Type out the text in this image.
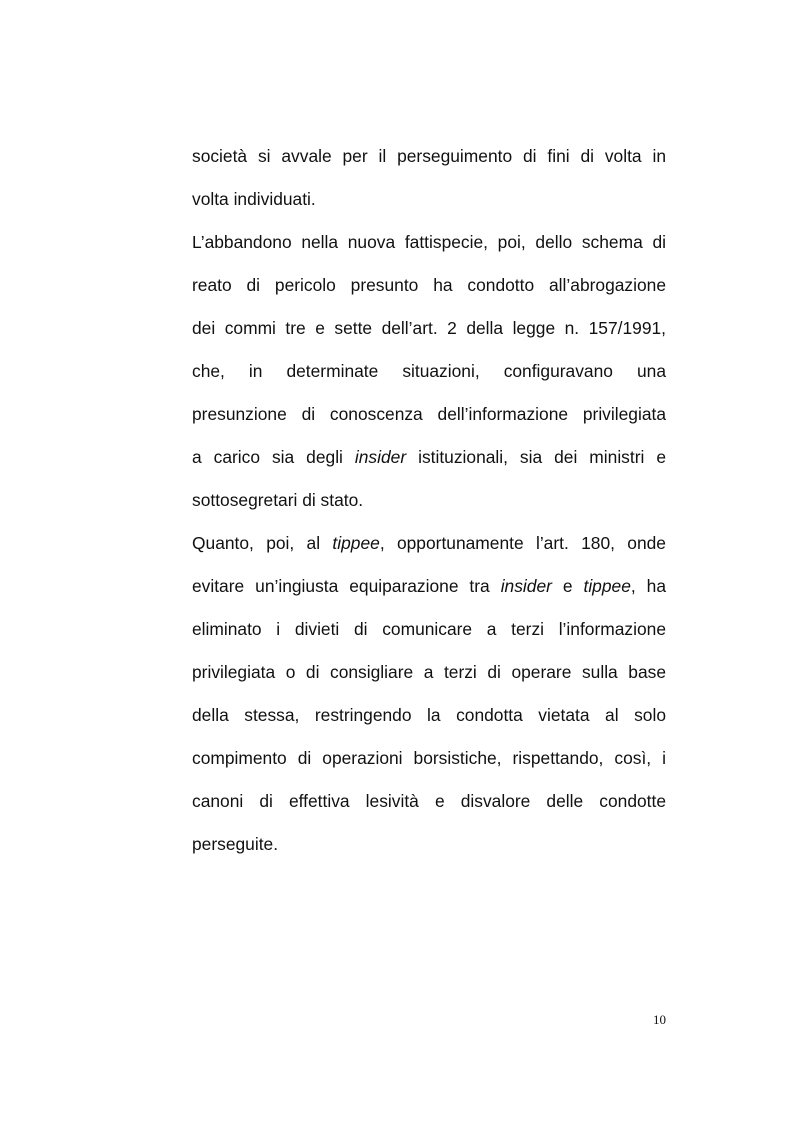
società si avvale per il perseguimento di fini di volta in
volta individuati.
L’abbandono nella nuova fattispecie, poi, dello schema di
reato di pericolo presunto ha condotto all’abrogazione
dei commi tre e sette dell’art. 2 della legge n. 157/1991,
che, in determinate situazioni, configuravano una
presunzione di conoscenza dell’informazione privilegiata
a carico sia degli insider istituzionali, sia dei ministri e
sottosegretari di stato.
Quanto, poi, al tippee, opportunamente l’art. 180, onde
evitare un’ingiusta equiparazione tra insider e tippee, ha
eliminato i divieti di comunicare a terzi l’informazione
privilegiata o di consigliare a terzi di operare sulla base
della stessa, restringendo la condotta vietata al solo
compimento di operazioni borsistiche, rispettando, così, i
canoni di effettiva lesività e disvalore delle condotte
perseguite.
10
